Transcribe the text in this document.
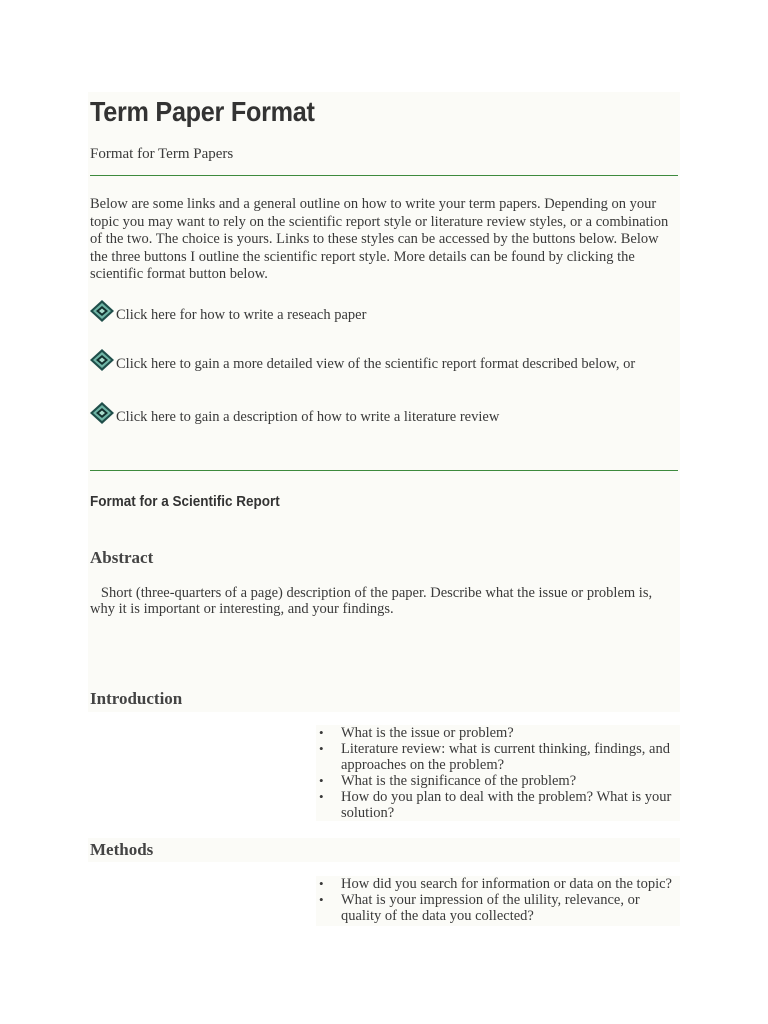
Term Paper Format
Format for Term Papers
Below are some links and a general outline on how to write your term papers. Depending on your topic you may want to rely on the scientific report style or literature review styles, or a combination of the two. The choice is yours. Links to these styles can be accessed by the buttons below. Below the three buttons I outline the scientific report style. More details can be found by clicking the scientific format button below.
Click here for how to write a reseach paper
Click here to gain a more detailed view of the scientific report format described below, or
Click here to gain a description of how to write a literature review
Format for a Scientific Report
Abstract
Short (three-quarters of a page) description of the paper. Describe what the issue or problem is, why it is important or interesting, and your findings.
Introduction
• What is the issue or problem?
• Literature review: what is current thinking, findings, and approaches on the problem?
• What is the significance of the problem?
• How do you plan to deal with the problem? What is your solution?
Methods
• How did you search for information or data on the topic?
• What is your impression of the ulility, relevance, or quality of the data you collected?
